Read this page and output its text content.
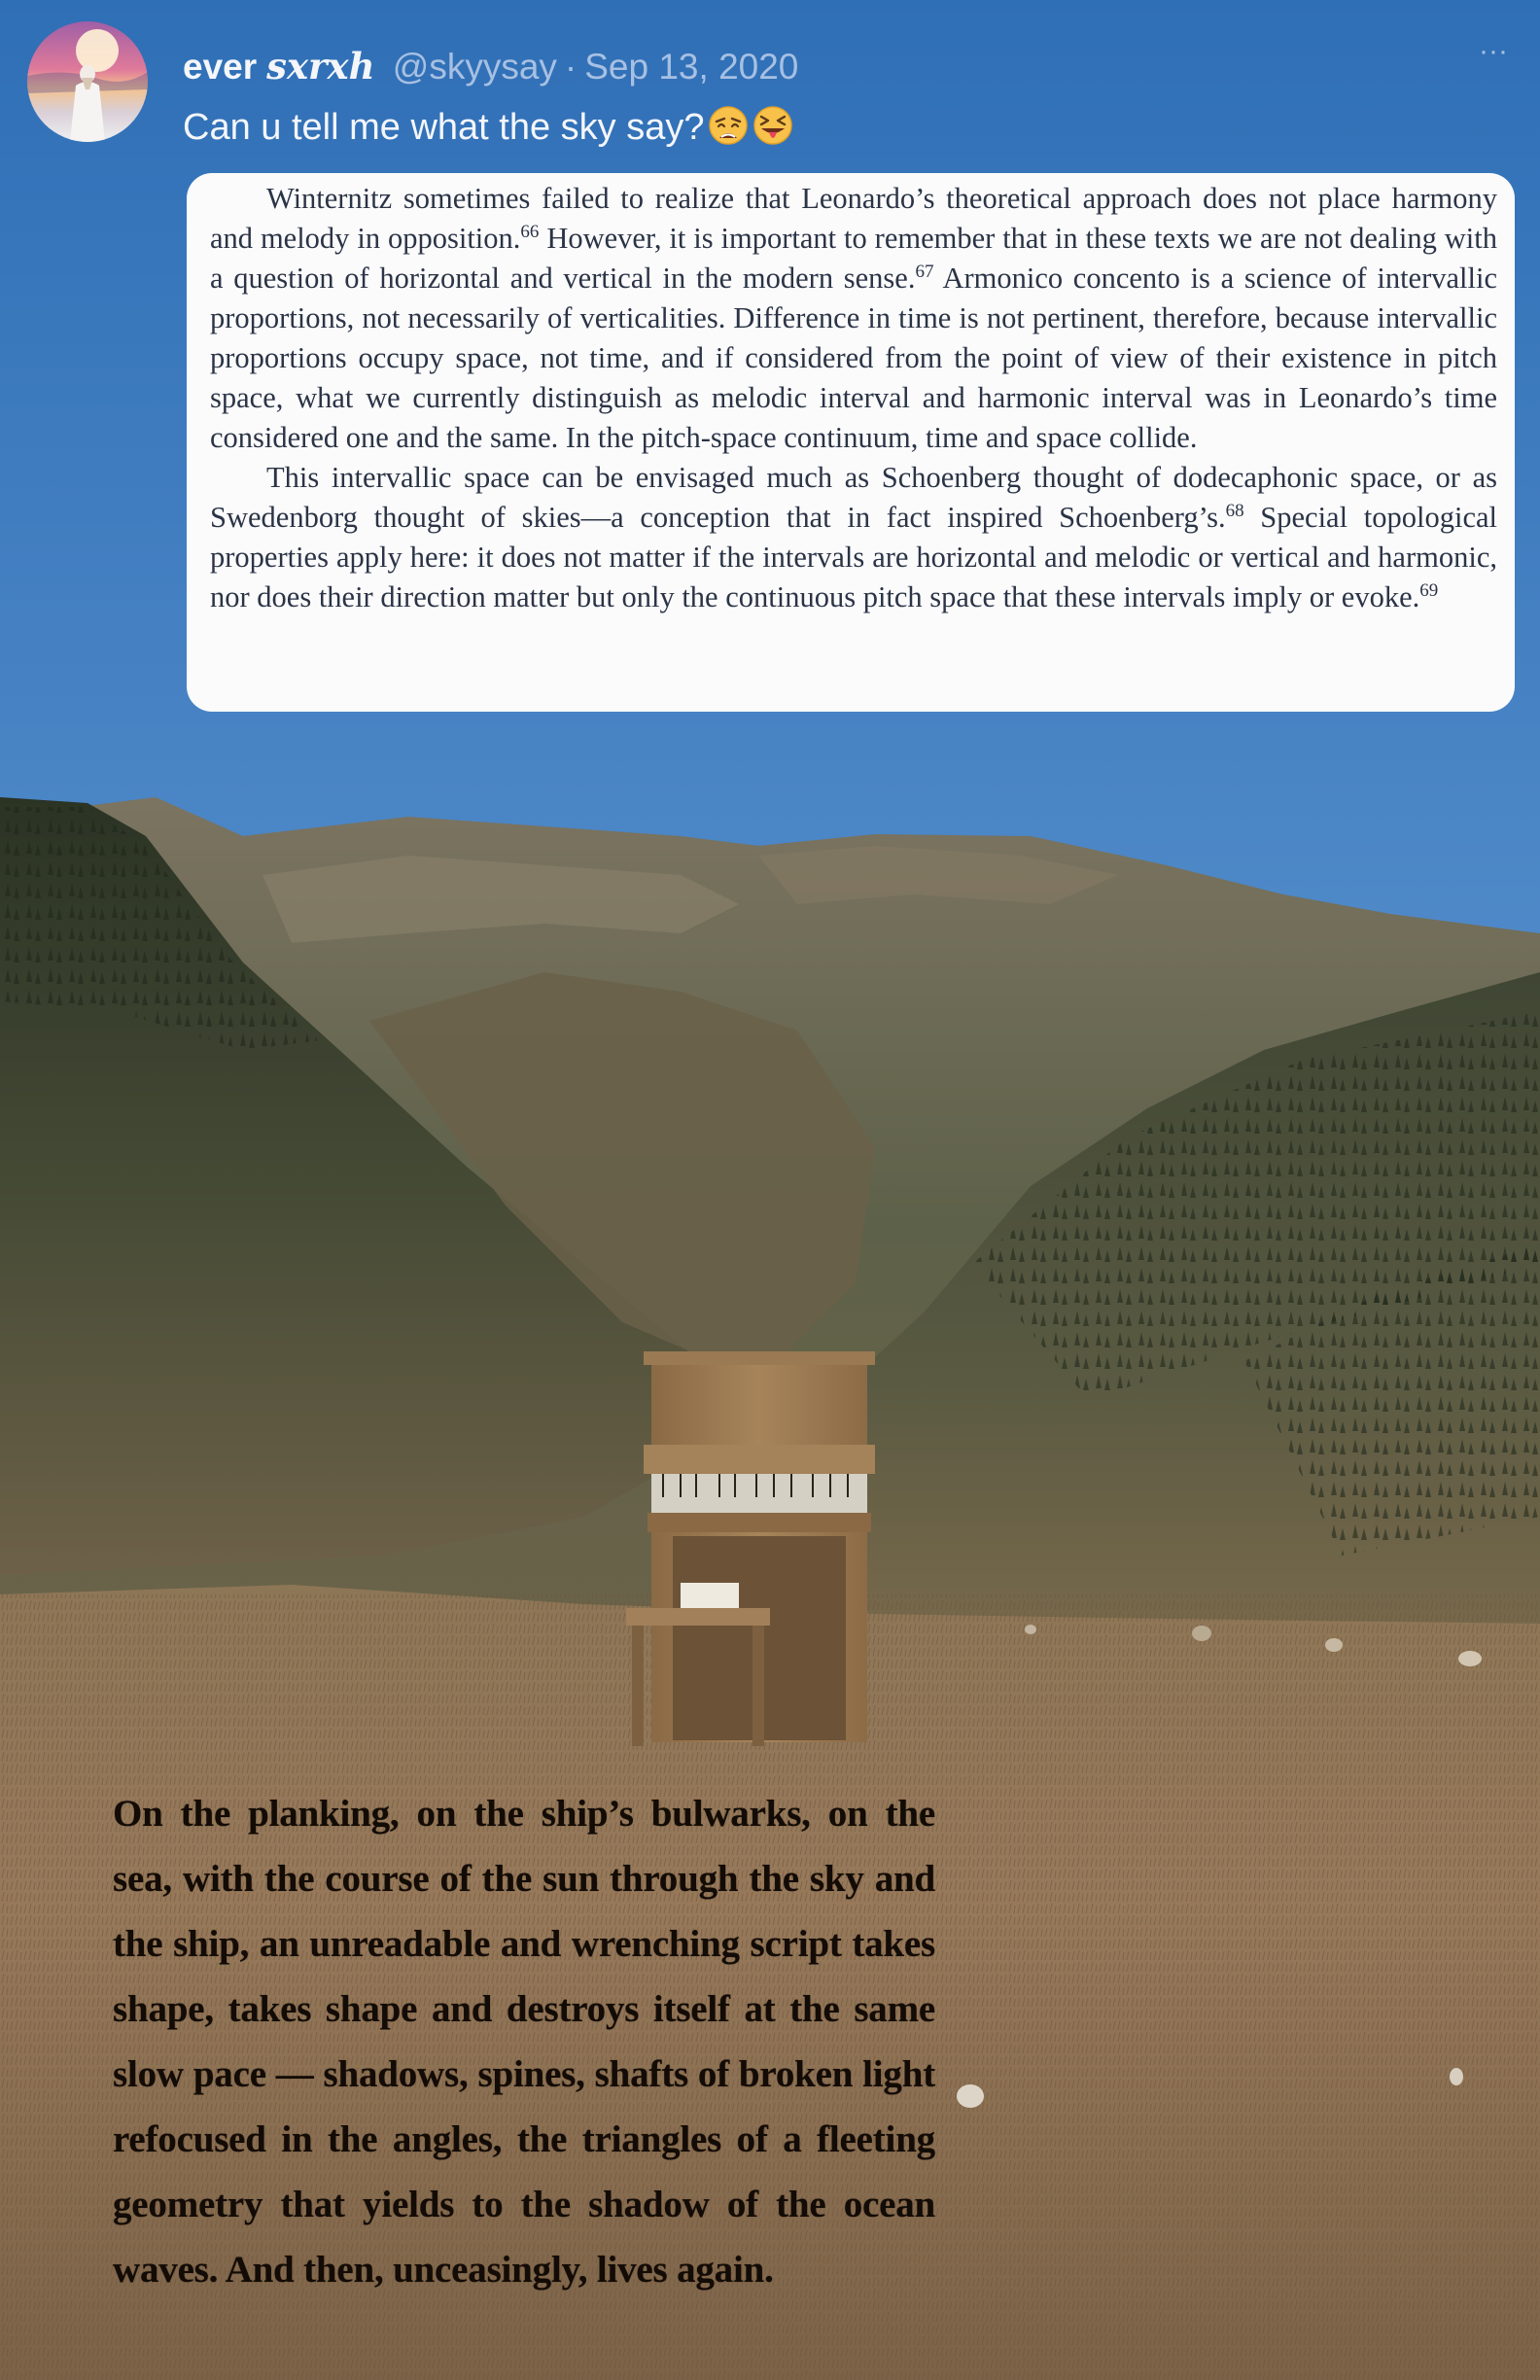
ever sxrxh @skyysay · Sep 13, 2020	···
Can u tell me what the sky say?

Winternitz sometimes failed to realize that Leonardo’s theoretical approach does not place harmony and melody in opposition.$^{66}$ However, it is important to remember that in these texts we are not dealing with a question of horizontal and vertical in the modern sense.$^{67}$ Armonico concento is a science of intervallic proportions, not necessarily of verticalities. Difference in time is not pertinent, therefore, because intervallic proportions occupy space, not time, and if considered from the point of view of their existence in pitch space, what we currently distinguish as melodic interval and harmonic interval was in Leonardo’s time considered one and the same. In the pitch-space continuum, time and space collide.

This intervallic space can be envisaged much as Schoenberg thought of dodecaphonic space, or as Swedenborg thought of skies—a conception that in fact inspired Schoenberg’s.$^{68}$ Special topological properties apply here: it does not matter if the intervals are horizontal and melodic or vertical and harmonic, nor does their direction matter but only the continuous pitch space that these intervals imply or evoke.$^{69}$

On the planking, on the ship’s bulwarks, on the sea, with the course of the sun through the sky and the ship, an unreadable and wrenching script takes shape, takes shape and destroys itself at the same slow pace — shadows, spines, shafts of broken light refocused in the angles, the triangles of a fleeting geometry that yields to the shadow of the ocean waves. And then, unceasingly, lives again.
